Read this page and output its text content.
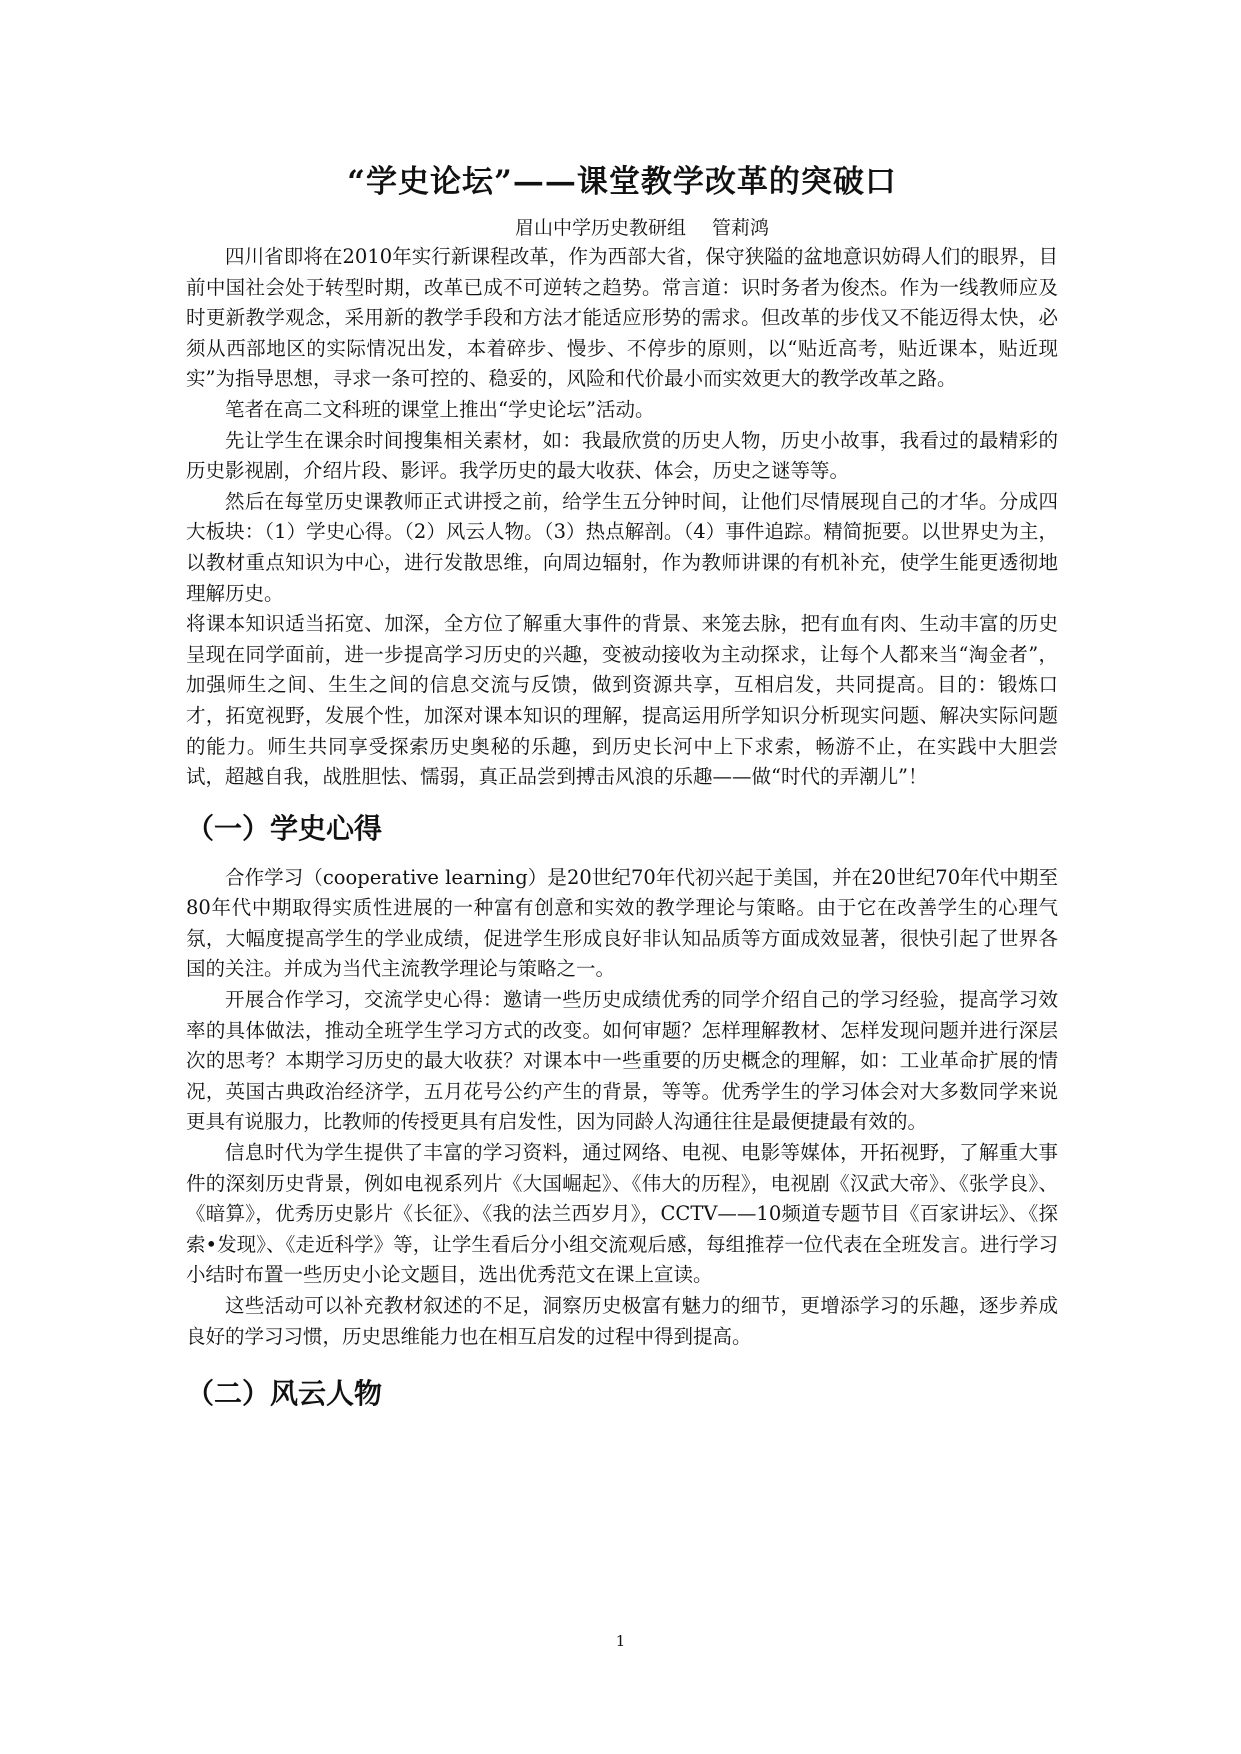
“学史论坛”——课堂教学改革的突破口
眉山中学历史教研组 管莉鸿

四川省即将在2010年实行新课程改革，作为西部大省，保守狭隘的盆地意识妨碍人们的眼界，目前中国社会处于转型时期，改革已成不可逆转之趋势。常言道：识时务者为俊杰。作为一线教师应及时更新教学观念，采用新的教学手段和方法才能适应形势的需求。但改革的步伐又不能迈得太快，必须从西部地区的实际情况出发，本着碎步、慢步、不停步的原则，以“贴近高考，贴近课本，贴近现实”为指导思想，寻求一条可控的、稳妥的，风险和代价最小而实效更大的教学改革之路。

笔者在高二文科班的课堂上推出“学史论坛”活动。

先让学生在课余时间搜集相关素材，如：我最欣赏的历史人物，历史小故事，我看过的最精彩的历史影视剧，介绍片段、影评。我学历史的最大收获、体会，历史之谜等等。

然后在每堂历史课教师正式讲授之前，给学生五分钟时间，让他们尽情展现自己的才华。分成四大板块：（1）学史心得。（2）风云人物。（3）热点解剖。（4）事件追踪。精简扼要。以世界史为主，以教材重点知识为中心，进行发散思维，向周边辐射，作为教师讲课的有机补充，使学生能更透彻地理解历史。

将课本知识适当拓宽、加深，全方位了解重大事件的背景、来笼去脉，把有血有肉、生动丰富的历史呈现在同学面前，进一步提高学习历史的兴趣，变被动接收为主动探求，让每个人都来当“淘金者”，加强师生之间、生生之间的信息交流与反馈，做到资源共享，互相启发，共同提高。目的：锻炼口才，拓宽视野，发展个性，加深对课本知识的理解，提高运用所学知识分析现实问题、解决实际问题的能力。师生共同享受探索历史奥秘的乐趣，到历史长河中上下求索，畅游不止，在实践中大胆尝试，超越自我，战胜胆怯、懦弱，真正品尝到搏击风浪的乐趣——做“时代的弄潮儿”！

（一）学史心得

合作学习（cooperative learning）是20世纪70年代初兴起于美国，并在20世纪70年代中期至80年代中期取得实质性进展的一种富有创意和实效的教学理论与策略。由于它在改善学生的心理气氛，大幅度提高学生的学业成绩，促进学生形成良好非认知品质等方面成效显著，很快引起了世界各国的关注。并成为当代主流教学理论与策略之一。

开展合作学习，交流学史心得：邀请一些历史成绩优秀的同学介绍自己的学习经验，提高学习效率的具体做法，推动全班学生学习方式的改变。如何审题？怎样理解教材、怎样发现问题并进行深层次的思考？本期学习历史的最大收获？对课本中一些重要的历史概念的理解，如：工业革命扩展的情况，英国古典政治经济学，五月花号公约产生的背景，等等。优秀学生的学习体会对大多数同学来说更具有说服力，比教师的传授更具有启发性，因为同龄人沟通往往是最便捷最有效的。

信息时代为学生提供了丰富的学习资料，通过网络、电视、电影等媒体，开拓视野，了解重大事件的深刻历史背景，例如电视系列片《大国崛起》、《伟大的历程》，电视剧《汉武大帝》、《张学良》、《暗算》，优秀历史影片《长征》、《我的法兰西岁月》，CCTV——10频道专题节目《百家讲坛》、《探索•发现》、《走近科学》等，让学生看后分小组交流观后感，每组推荐一位代表在全班发言。进行学习小结时布置一些历史小论文题目，选出优秀范文在课上宣读。

这些活动可以补充教材叙述的不足，洞察历史极富有魅力的细节，更增添学习的乐趣，逐步养成良好的学习习惯，历史思维能力也在相互启发的过程中得到提高。

（二）风云人物
1
